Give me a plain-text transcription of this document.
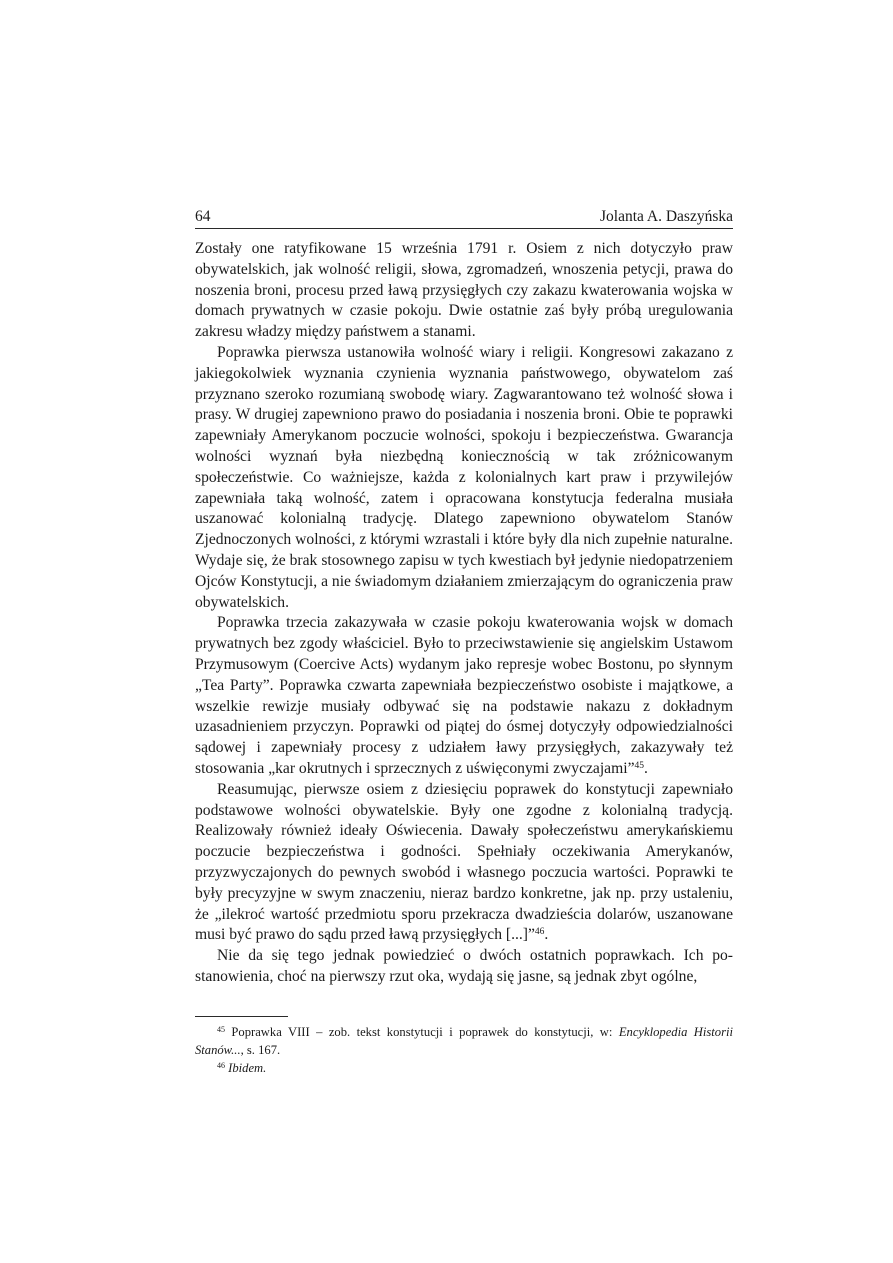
64	Jolanta A. Daszyńska

Zostały one ratyfikowane 15 września 1791 r. Osiem z nich dotyczyło praw obywatelskich, jak wolność religii, słowa, zgromadzeń, wnoszenia petycji, prawa do noszenia broni, procesu przed ławą przysięgłych czy zakazu kwaterowania wojska w domach prywatnych w czasie pokoju. Dwie ostatnie zaś były próbą uregulowania zakresu władzy między państwem a stanami.

Poprawka pierwsza ustanowiła wolność wiary i religii. Kongresowi zakazano z jakiegokolwiek wyznania czynienia wyznania państwowego, obywatelom zaś przyznano szeroko rozumianą swobodę wiary. Zagwarantowano też wolność słowa i prasy. W drugiej zapewniono prawo do posiadania i noszenia broni. Obie te poprawki zapewniały Amerykanom poczucie wolności, spokoju i bezpieczeństwa. Gwarancja wolności wyznań była niezbędną koniecznością w tak zróżnicowanym społeczeństwie. Co ważniejsze, każda z kolonialnych kart praw i przywilejów zapewniała taką wolność, zatem i opracowana konstytucja federalna musiała uszanować kolonialną tradycję. Dlatego zapewniono obywatelom Stanów Zjednoczonych wolności, z którymi wzrastali i które były dla nich zupełnie naturalne. Wydaje się, że brak stosownego zapisu w tych kwestiach był jedynie niedopatrzeniem Ojców Konstytucji, a nie świadomym działaniem zmierzającym do ograniczenia praw obywatelskich.

Poprawka trzecia zakazywała w czasie pokoju kwaterowania wojsk w domach prywatnych bez zgody właściciel. Było to przeciwstawienie się angielskim Ustawom Przymusowym (Coercive Acts) wydanym jako represje wobec Bostonu, po słynnym „Tea Party”. Poprawka czwarta zapewniała bezpieczeństwo osobiste i majątkowe, a wszelkie rewizje musiały odbywać się na podstawie nakazu z dokładnym uzasadnieniem przyczyn. Poprawki od piątej do ósmej dotyczyły odpowiedzialności sądowej i zapewniały procesy z udziałem ławy przysięgłych, zakazywały też stosowania „kar okrutnych i sprzecznych z uświęconymi zwyczajami”$^{45}$.

Reasumując, pierwsze osiem z dziesięciu poprawek do konstytucji zapewniało podstawowe wolności obywatelskie. Były one zgodne z kolonialną tradycją. Realizowały również ideały Oświecenia. Dawały społeczeństwu amerykańskiemu poczucie bezpieczeństwa i godności. Spełniały oczekiwania Amerykanów, przyzwyczajonych do pewnych swobód i własnego poczucia wartości. Poprawki te były precyzyjne w swym znaczeniu, nieraz bardzo konkretne, jak np. przy ustaleniu, że „ilekroć wartość przedmiotu sporu przekracza dwadzieścia dolarów, uszanowane musi być prawo do sądu przed ławą przysięgłych [...]”$^{46}$.

Nie da się tego jednak powiedzieć o dwóch ostatnich poprawkach. Ich postanowienia, choć na pierwszy rzut oka, wydają się jasne, są jednak zbyt ogólne,

$^{45}$ Poprawka VIII – zob. tekst konstytucji i poprawek do konstytucji, w: Encyklopedia Historii Stanów..., s. 167.

$^{46}$ Ibidem.
